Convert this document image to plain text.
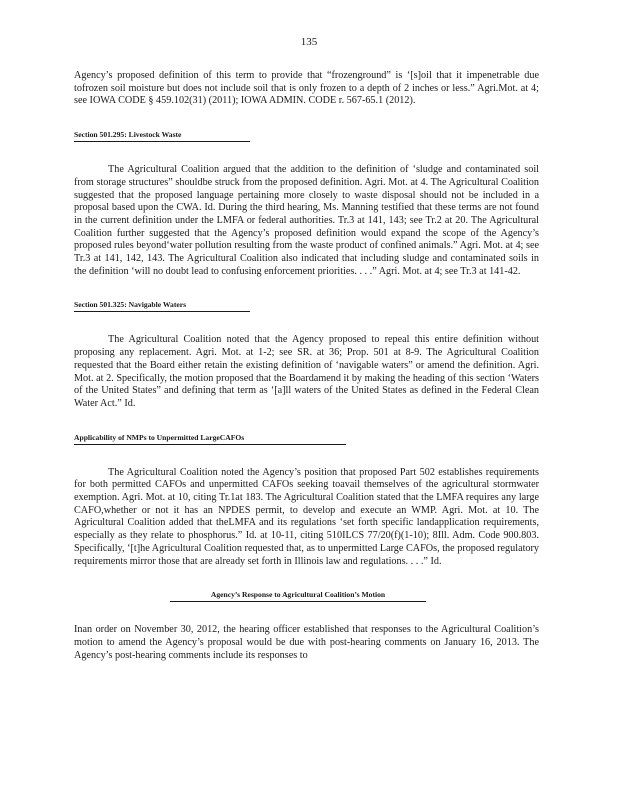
135

Agency’s proposed definition of this term to provide that “frozenground” is ‘[s]oil that it impenetrable due tofrozen soil moisture but does not include soil that is only frozen to a depth of 2 inches or less.” Agri.Mot. at 4; see IOWA CODE § 459.102(31) (2011); IOWA ADMIN. CODE r. 567-65.1 (2012).

Section 501.295: Livestock Waste

The Agricultural Coalition argued that the addition to the definition of ‘sludge and contaminated soil from storage structures” shouldbe struck from the proposed definition. Agri. Mot. at 4. The Agricultural Coalition suggested that the proposed language pertaining more closely to waste disposal should not be included in a proposal based upon the CWA. Id. During the third hearing, Ms. Manning testified that these terms are not found in the current definition under the LMFA or federal authorities. Tr.3 at 141, 143; see Tr.2 at 20. The Agricultural Coalition further suggested that the Agency’s proposed definition would expand the scope of the Agency’s proposed rules beyond‘water pollution resulting from the waste product of confined animals.” Agri. Mot. at 4; see Tr.3 at 141, 142, 143. The Agricultural Coalition also indicated that including sludge and contaminated soils in the definition ‘will no doubt lead to confusing enforcement priorities. . . .” Agri. Mot. at 4; see Tr.3 at 141-42.

Section 501.325: Navigable Waters

The Agricultural Coalition noted that the Agency proposed to repeal this entire definition without proposing any replacement. Agri. Mot. at 1-2; see SR. at 36; Prop. 501 at 8-9. The Agricultural Coalition requested that the Board either retain the existing definition of ‘navigable waters” or amend the definition. Agri. Mot. at 2. Specifically, the motion proposed that the Boardamend it by making the heading of this section ‘Waters of the United States” and defining that term as ‘[a]ll waters of the United States as defined in the Federal Clean Water Act.” Id.

Applicability of NMPs to Unpermitted LargeCAFOs

The Agricultural Coalition noted the Agency’s position that proposed Part 502 establishes requirements for both permitted CAFOs and unpermitted CAFOs seeking toavail themselves of the agricultural stormwater exemption. Agri. Mot. at 10, citing Tr.1at 183. The Agricultural Coalition stated that the LMFA requires any large CAFO,whether or not it has an NPDES permit, to develop and execute an WMP. Agri. Mot. at 10. The Agricultural Coalition added that theLMFA and its regulations ‘set forth specific landapplication requirements, especially as they relate to phosphorus.” Id. at 10-11, citing 510ILCS 77/20(f)(1-10); 8Ill. Adm. Code 900.803. Specifically, ‘[t]he Agricultural Coalition requested that, as to unpermitted Large CAFOs, the proposed regulatory requirements mirror those that are already set forth in Illinois law and regulations. . . .” Id.

Agency’s Response to Agricultural Coalition’s Motion

Inan order on November 30, 2012, the hearing officer established that responses to the Agricultural Coalition’s motion to amend the Agency’s proposal would be due with post-hearing comments on January 16, 2013. The Agency’s post-hearing comments include its responses to
